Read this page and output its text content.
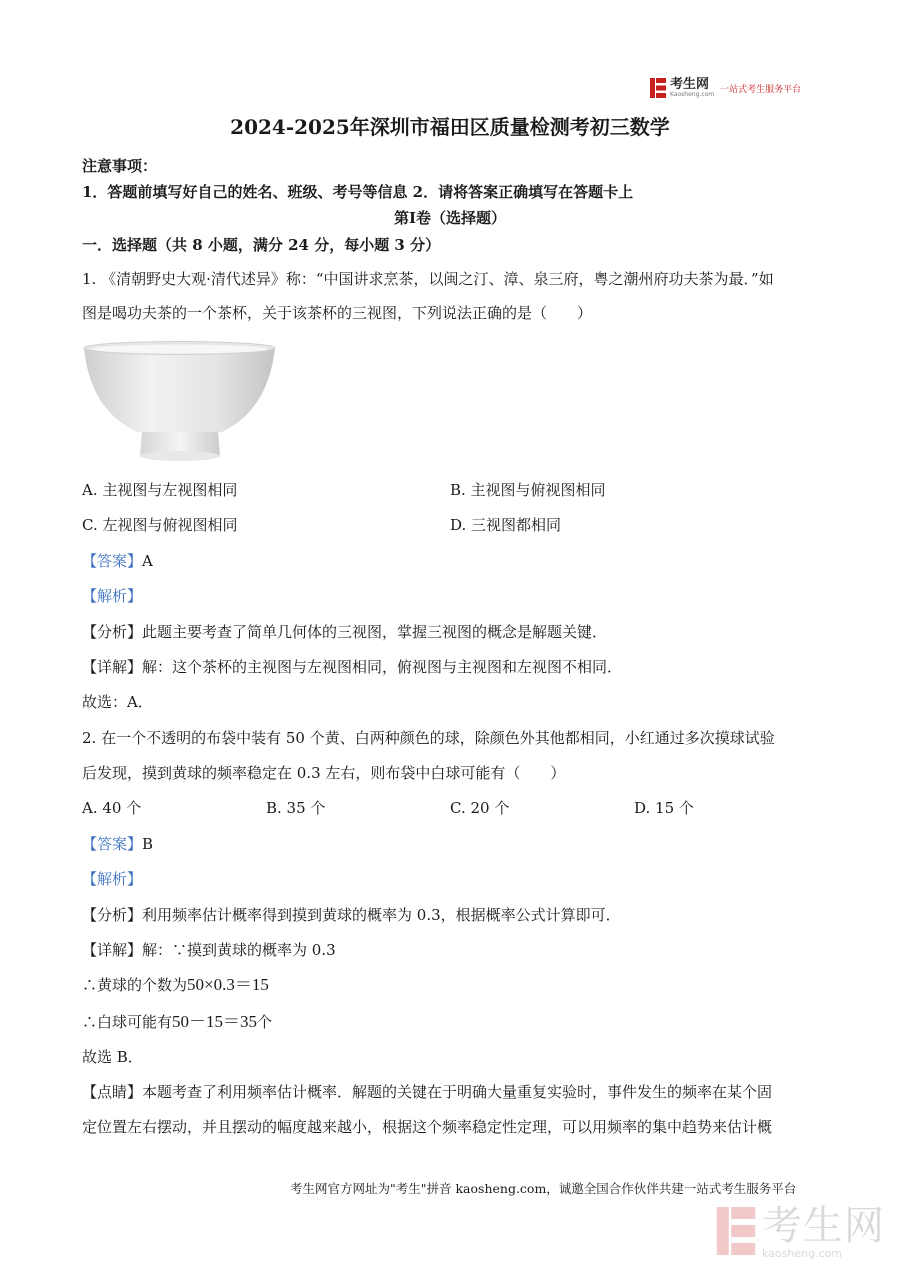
考生网
Kaosheng.com 一站式考生服务平台
2024-2025年深圳市福田区质量检测考初三数学
注意事项：
1．答题前填写好自己的姓名、班级、考号等信息 2．请将答案正确填写在答题卡上
第Ⅰ卷（选择题）
一．选择题（共 8 小题，满分 24 分，每小题 3 分）
1. 《清朝野史大观·清代述异》称：“中国讲求烹茶，以闽之汀、漳、泉三府，粤之潮州府功夫茶为最．”如
图是喝功夫茶的一个茶杯，关于该茶杯的三视图，下列说法正确的是（　　）
A. 主视图与左视图相同	B. 主视图与俯视图相同
C. 左视图与俯视图相同	D. 三视图都相同
【答案】A
【解析】
【分析】此题主要考查了简单几何体的三视图，掌握三视图的概念是解题关键．
【详解】解：这个茶杯的主视图与左视图相同，俯视图与主视图和左视图不相同．
故选：A．
2. 在一个不透明的布袋中装有 50 个黄、白两种颜色的球，除颜色外其他都相同，小红通过多次摸球试验
后发现，摸到黄球的频率稳定在 0.3 左右，则布袋中白球可能有（　　）
A. 40 个	B. 35 个	C. 20 个	D. 15 个
【答案】B
【解析】
【分析】利用频率估计概率得到摸到黄球的概率为 0.3，根据概率公式计算即可．
【详解】解：∵摸到黄球的概率为 0.3
∴黄球的个数为50×0.3＝15
∴白球可能有50－15＝35个
故选 B．
【点睛】本题考查了利用频率估计概率．解题的关键在于明确大量重复实验时，事件发生的频率在某个固
定位置左右摆动，并且摆动的幅度越来越小，根据这个频率稳定性定理，可以用频率的集中趋势来估计概
考生网官方网址为"考生"拼音 kaosheng.com，诚邀全国合作伙伴共建一站式考生服务平台
考生网
kaosheng.com
